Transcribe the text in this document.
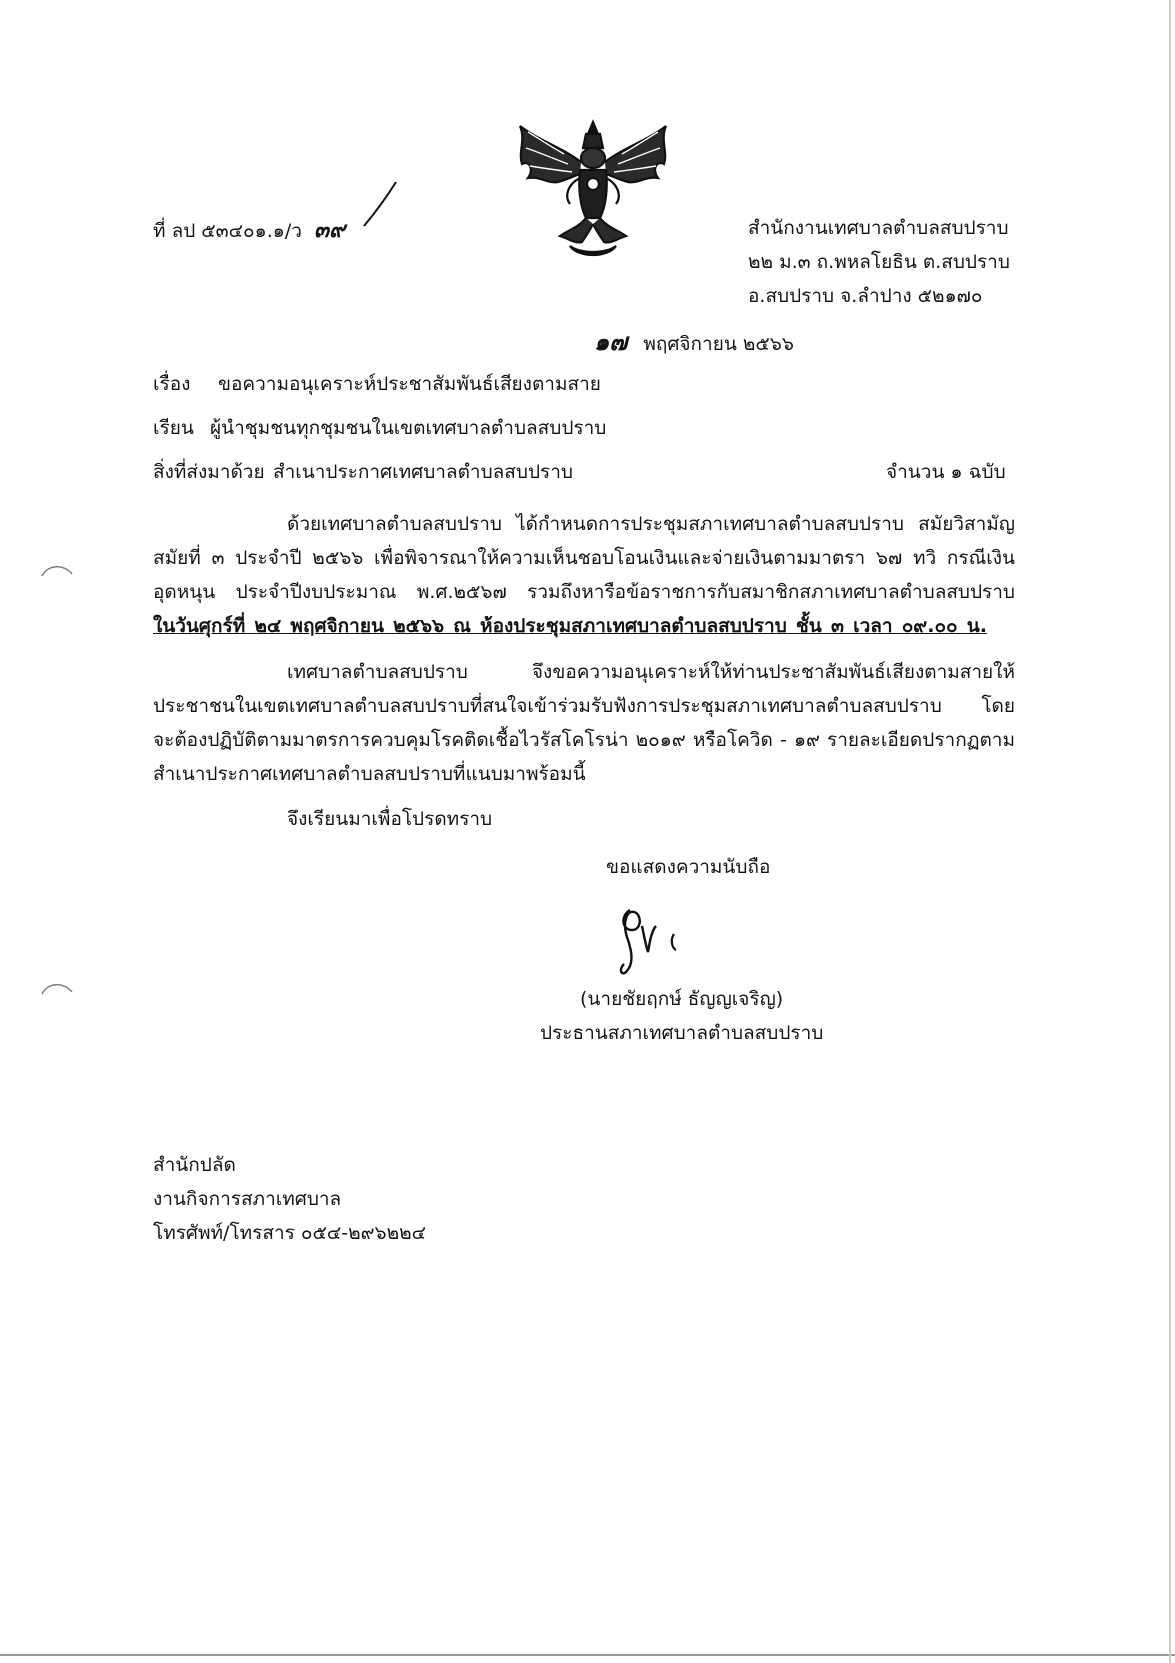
ที่ ลป ๕๓๔๐๑.๑/ว ๓๙	สำนักงานเทศบาลตำบลสบปราบ
๒๒ ม.๓ ถ.พหลโยธิน ต.สบปราบ
อ.สบปราบ จ.ลำปาง ๕๒๑๗๐
๑๗ พฤศจิกายน ๒๕๖๖
เรื่อง ขอความอนุเคราะห์ประชาสัมพันธ์เสียงตามสาย
เรียน ผู้นำชุมชนทุกชุมชนในเขตเทศบาลตำบลสบปราบ
สิ่งที่ส่งมาด้วย สำเนาประกาศเทศบาลตำบลสบปราบ	จำนวน ๑ ฉบับ
ด้วยเทศบาลตำบลสบปราบ ได้กำหนดการประชุมสภาเทศบาลตำบลสบปราบ สมัยวิสามัญ
สมัยที่ ๓ ประจำปี ๒๕๖๖ เพื่อพิจารณาให้ความเห็นชอบโอนเงินและจ่ายเงินตามมาตรา ๖๗ ทวิ กรณีเงิน
อุดหนุน ประจำปีงบประมาณ พ.ศ.๒๕๖๗ รวมถึงหารือข้อราชการกับสมาชิกสภาเทศบาลตำบลสบปราบ
ในวันศุกร์ที่ ๒๔ พฤศจิกายน ๒๕๖๖ ณ ห้องประชุมสภาเทศบาลตำบลสบปราบ ชั้น ๓ เวลา ๐๙.๐๐ น.
เทศบาลตำบลสบปราบ จึงขอความอนุเคราะห์ให้ท่านประชาสัมพันธ์เสียงตามสายให้
ประชาชนในเขตเทศบาลตำบลสบปราบที่สนใจเข้าร่วมรับฟังการประชุมสภาเทศบาลตำบลสบปราบ โดย
จะต้องปฏิบัติตามมาตรการควบคุมโรคติดเชื้อไวรัสโคโรน่า ๒๐๑๙ หรือโควิด - ๑๙ รายละเอียดปรากฏตาม
สำเนาประกาศเทศบาลตำบลสบปราบที่แนบมาพร้อมนี้
จึงเรียนมาเพื่อโปรดทราบ
ขอแสดงความนับถือ
(นายชัยฤกษ์ ธัญญเจริญ)
ประธานสภาเทศบาลตำบลสบปราบ
สำนักปลัด
งานกิจการสภาเทศบาล
โทรศัพท์/โทรสาร ๐๕๔-๒๙๖๒๒๔
